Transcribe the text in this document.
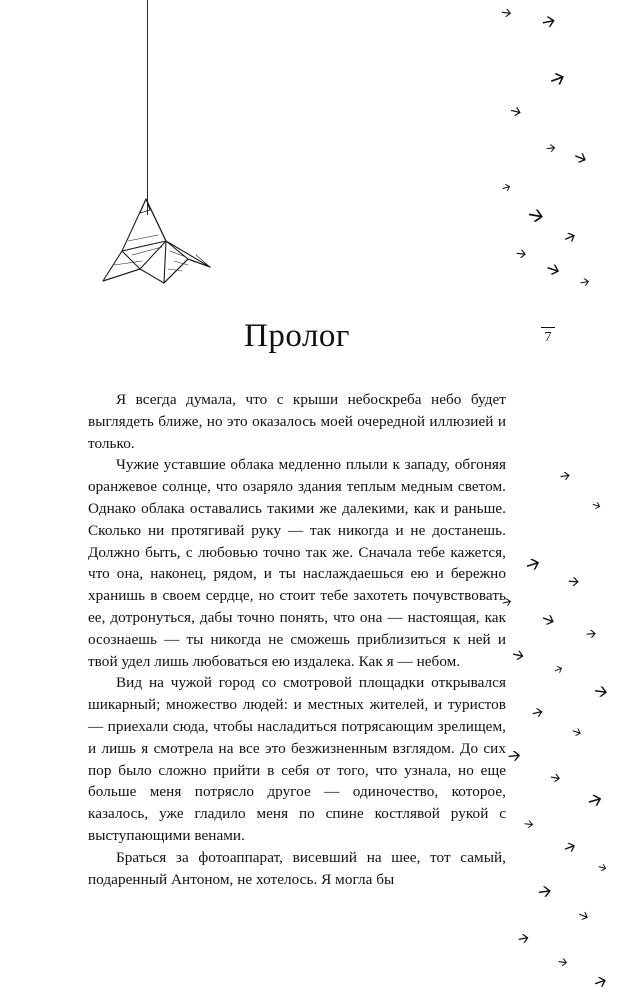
🡪
🡪
🡪
🡪
🡪 🡪
🡪
🡪
🡪
🡪
🡪
🡪
🡪
🡪
🡪
🡪
🡪
🡪
🡪
🡪
🡪
🡪
🡪
🡪
🡪
🡪
🡪
🡪
🡪
🡪
🡪
🡪
🡪
🡪
🡪
7
Пролог

Я всегда думала, что с крыши небоскреба небо будет выглядеть ближе, но это оказалось моей очередной иллюзией и только.

Чужие уставшие облака медленно плыли к западу, обгоняя оранжевое солнце, что озаряло здания теплым медным светом. Однако облака оставались такими же далекими, как и раньше. Сколько ни протягивай руку — так никогда и не достанешь. Должно быть, с любовью точно так же. Сначала тебе кажется, что она, наконец, рядом, и ты наслаждаешься ею и бережно хранишь в своем сердце, но стоит тебе захотеть почувствовать ее, дотронуться, дабы точно понять, что она — настоящая, как осознаешь — ты никогда не сможешь приблизиться к ней и твой удел лишь любоваться ею издалека. Как я — небом.

Вид на чужой город со смотровой площадки открывался шикарный; множество людей: и местных жителей, и туристов — приехали сюда, чтобы насладиться потрясающим зрелищем, и лишь я смотрела на все это безжизненным взглядом. До сих пор было сложно прийти в себя от того, что узнала, но еще больше меня потрясло другое — одиночество, которое, казалось, уже гладило меня по спине костлявой рукой с выступающими венами.

Браться за фотоаппарат, висевший на шее, тот самый, подаренный Антоном, не хотелось. Я могла бы
